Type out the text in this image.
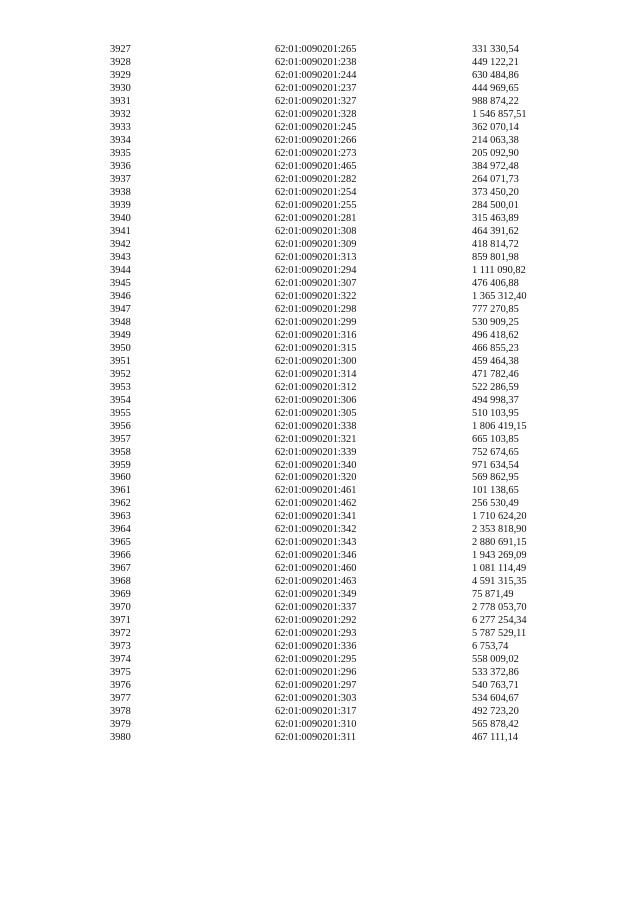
3927	62:01:0090201:265	331 330,54
3928	62:01:0090201:238	449 122,21
3929	62:01:0090201:244	630 484,86
3930	62:01:0090201:237	444 969,65
3931	62:01:0090201:327	988 874,22
3932	62:01:0090201:328	1 546 857,51
3933	62:01:0090201:245	362 070,14
3934	62:01:0090201:266	214 063,38
3935	62:01:0090201:273	205 092,90
3936	62:01:0090201:465	384 972,48
3937	62:01:0090201:282	264 071,73
3938	62:01:0090201:254	373 450,20
3939	62:01:0090201:255	284 500,01
3940	62:01:0090201:281	315 463,89
3941	62:01:0090201:308	464 391,62
3942	62:01:0090201:309	418 814,72
3943	62:01:0090201:313	859 801,98
3944	62:01:0090201:294	1 111 090,82
3945	62:01:0090201:307	476 406,88
3946	62:01:0090201:322	1 365 312,40
3947	62:01:0090201:298	777 270,85
3948	62:01:0090201:299	530 909,25
3949	62:01:0090201:316	496 418,62
3950	62:01:0090201:315	466 855,23
3951	62:01:0090201:300	459 464,38
3952	62:01:0090201:314	471 782,46
3953	62:01:0090201:312	522 286,59
3954	62:01:0090201:306	494 998,37
3955	62:01:0090201:305	510 103,95
3956	62:01:0090201:338	1 806 419,15
3957	62:01:0090201:321	665 103,85
3958	62:01:0090201:339	752 674,65
3959	62:01:0090201:340	971 634,54
3960	62:01:0090201:320	569 862,95
3961	62:01:0090201:461	101 138,65
3962	62:01:0090201:462	256 530,49
3963	62:01:0090201:341	1 710 624,20
3964	62:01:0090201:342	2 353 818,90
3965	62:01:0090201:343	2 880 691,15
3966	62:01:0090201:346	1 943 269,09
3967	62:01:0090201:460	1 081 114,49
3968	62:01:0090201:463	4 591 315,35
3969	62:01:0090201:349	75 871,49
3970	62:01:0090201:337	2 778 053,70
3971	62:01:0090201:292	6 277 254,34
3972	62:01:0090201:293	5 787 529,11
3973	62:01:0090201:336	6 753,74
3974	62:01:0090201:295	558 009,02
3975	62:01:0090201:296	533 372,86
3976	62:01:0090201:297	540 763,71
3977	62:01:0090201:303	534 604,67
3978	62:01:0090201:317	492 723,20
3979	62:01:0090201:310	565 878,42
3980	62:01:0090201:311	467 111,14
